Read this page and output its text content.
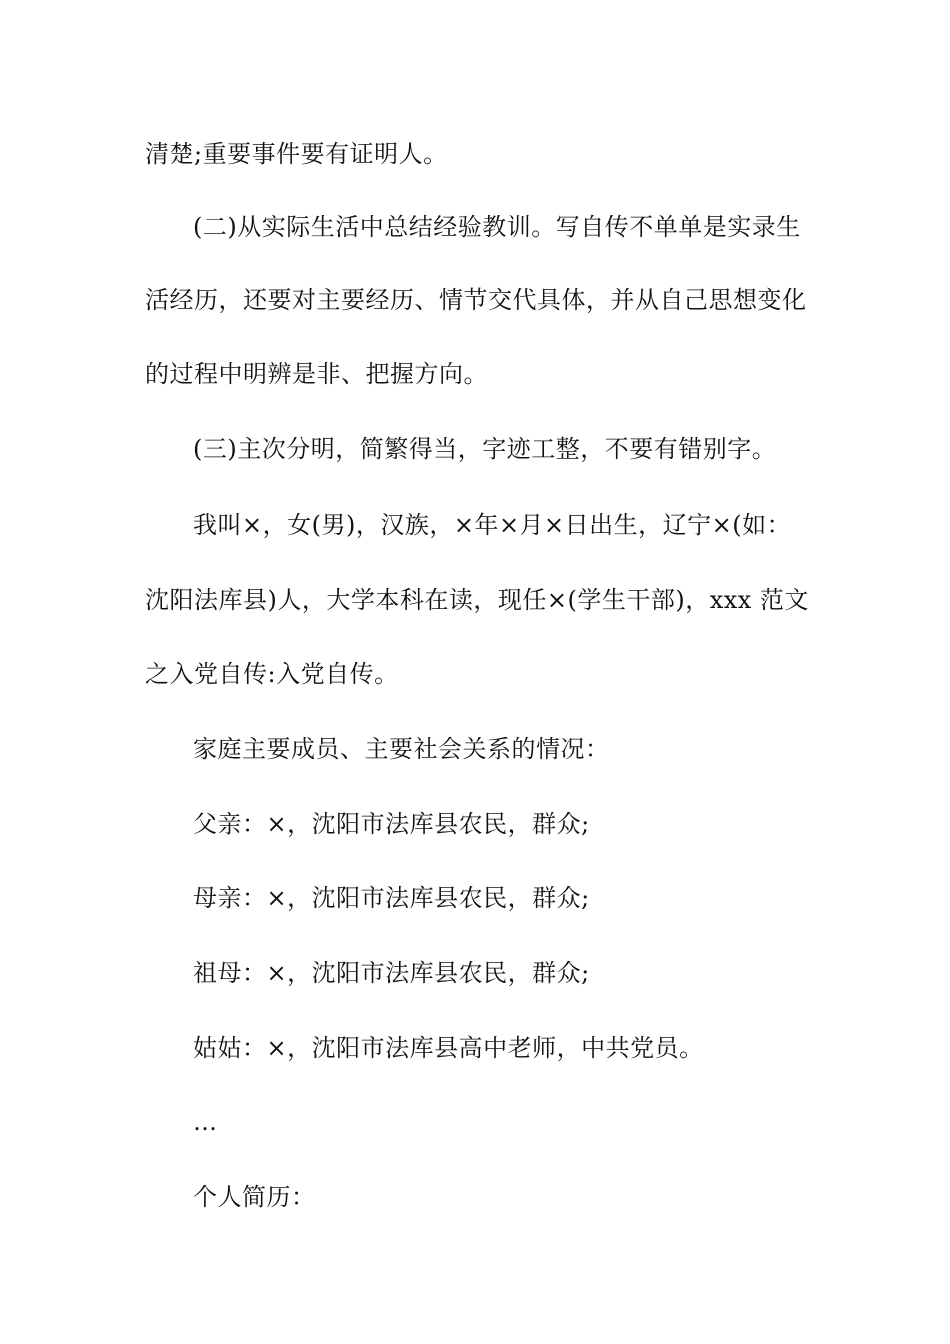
清楚;重要事件要有证明人。
(二)从实际生活中总结经验教训。写自传不单单是实录生
活经历，还要对主要经历、情节交代具体，并从自己思想变化
的过程中明辨是非、把握方向。
(三)主次分明，简繁得当，字迹工整，不要有错别字。
我叫×，女(男)，汉族，×年×月×日出生，辽宁×(如：
沈阳法库县)人，大学本科在读，现任×(学生干部)，xxx 范文
之入党自传:入党自传。
家庭主要成员、主要社会关系的情况：
父亲：×，沈阳市法库县农民，群众;
母亲：×，沈阳市法库县农民，群众;
祖母：×，沈阳市法库县农民，群众;
姑姑：×，沈阳市法库县高中老师，中共党员。
…
个人简历：
